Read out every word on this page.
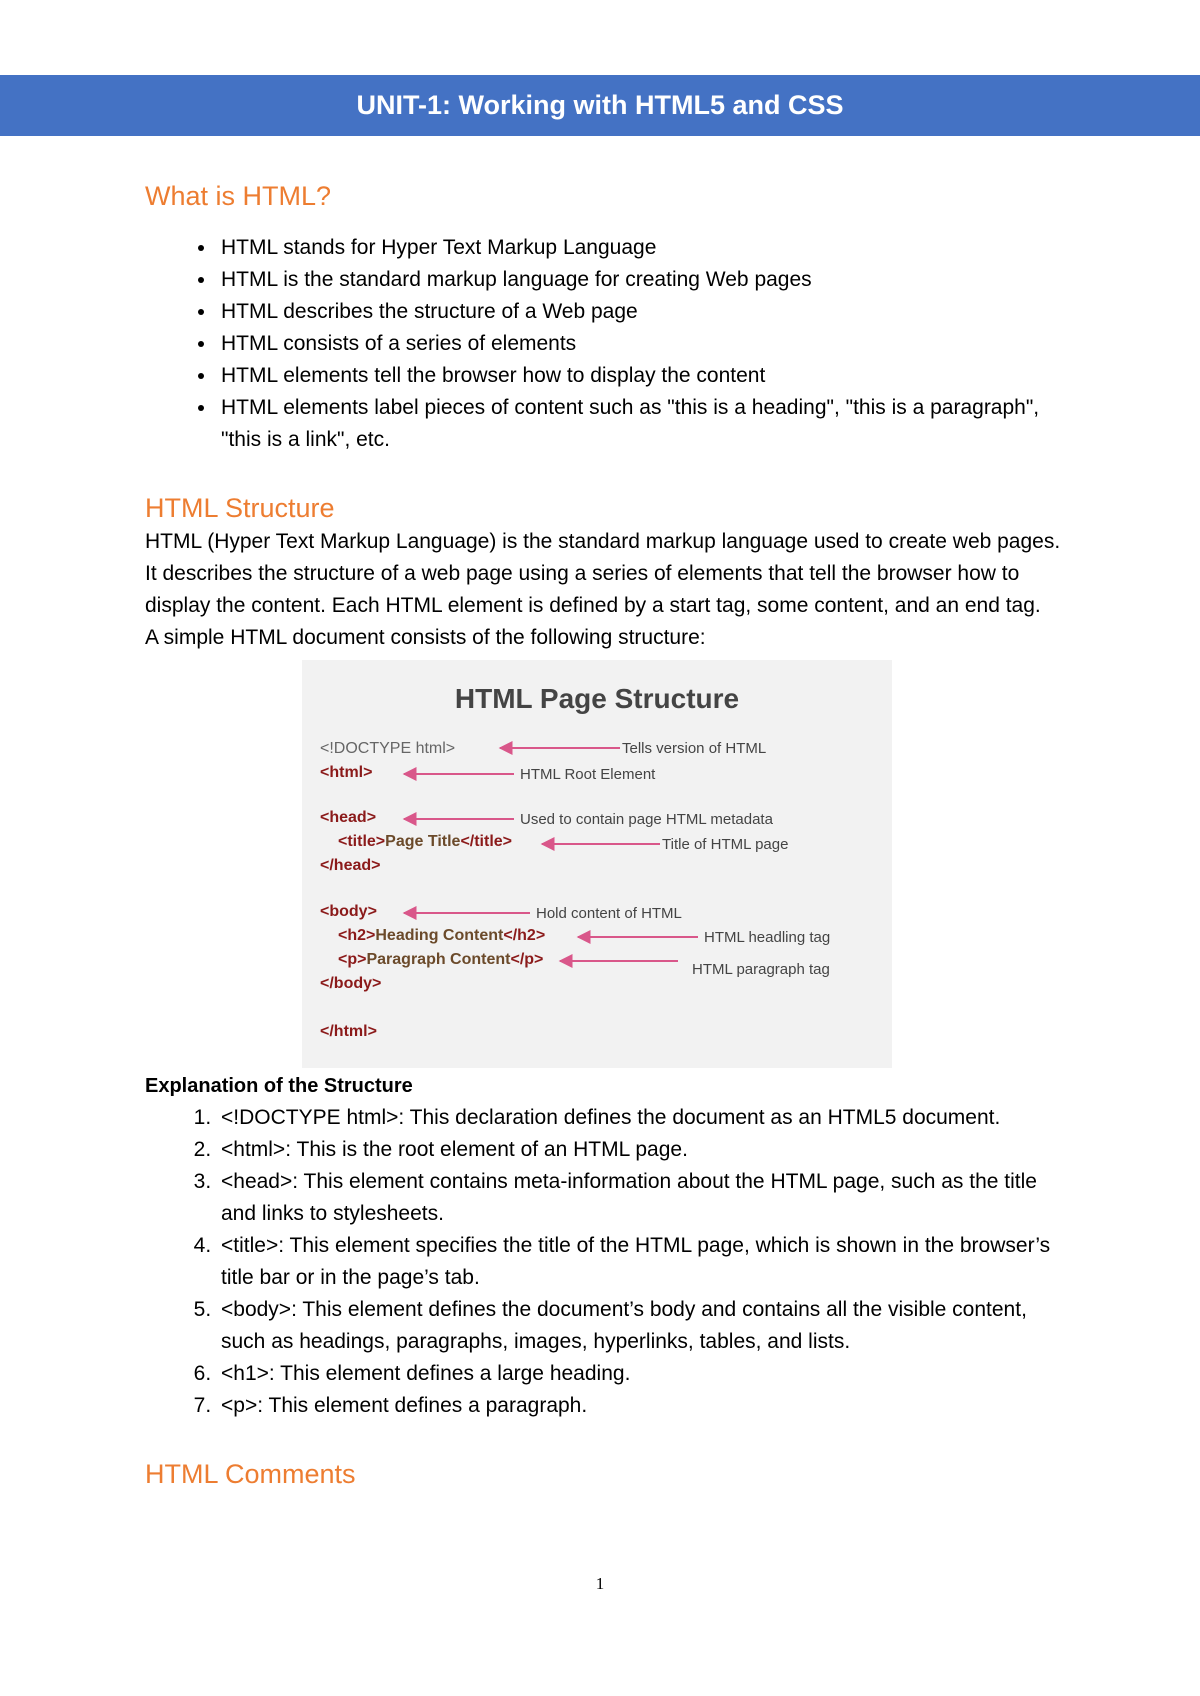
UNIT-1: Working with HTML5 and CSS
What is HTML?
• HTML stands for Hyper Text Markup Language
• HTML is the standard markup language for creating Web pages
• HTML describes the structure of a Web page
• HTML consists of a series of elements
• HTML elements tell the browser how to display the content
• HTML elements label pieces of content such as "this is a heading", "this is a paragraph", "this is a link", etc.
HTML Structure

HTML (Hyper Text Markup Language) is the standard markup language used to create web pages. It describes the structure of a web page using a series of elements that tell the browser how to display the content. Each HTML element is defined by a start tag, some content, and an end tag.

A simple HTML document consists of the following structure:

HTML Page Structure
<!DOCTYPE html>
<html>
<head>
<title>Page Title</title>
</head>
<body>
<h2>Heading Content</h2>
<p>Paragraph Content</p>
</body>
</html>
Tells version of HTML
HTML Root Element
Used to contain page HTML metadata
Title of HTML page
Hold content of HTML
HTML headling tag
HTML paragraph tag
Explanation of the Structure
1. <!DOCTYPE html>: This declaration defines the document as an HTML5 document.
2. <html>: This is the root element of an HTML page.
3. <head>: This element contains meta-information about the HTML page, such as the title and links to stylesheets.
4. <title>: This element specifies the title of the HTML page, which is shown in the browser’s title bar or in the page’s tab.
5. <body>: This element defines the document’s body and contains all the visible content, such as headings, paragraphs, images, hyperlinks, tables, and lists.
6. <h1>: This element defines a large heading.
7. <p>: This element defines a paragraph.
HTML Comments
1
